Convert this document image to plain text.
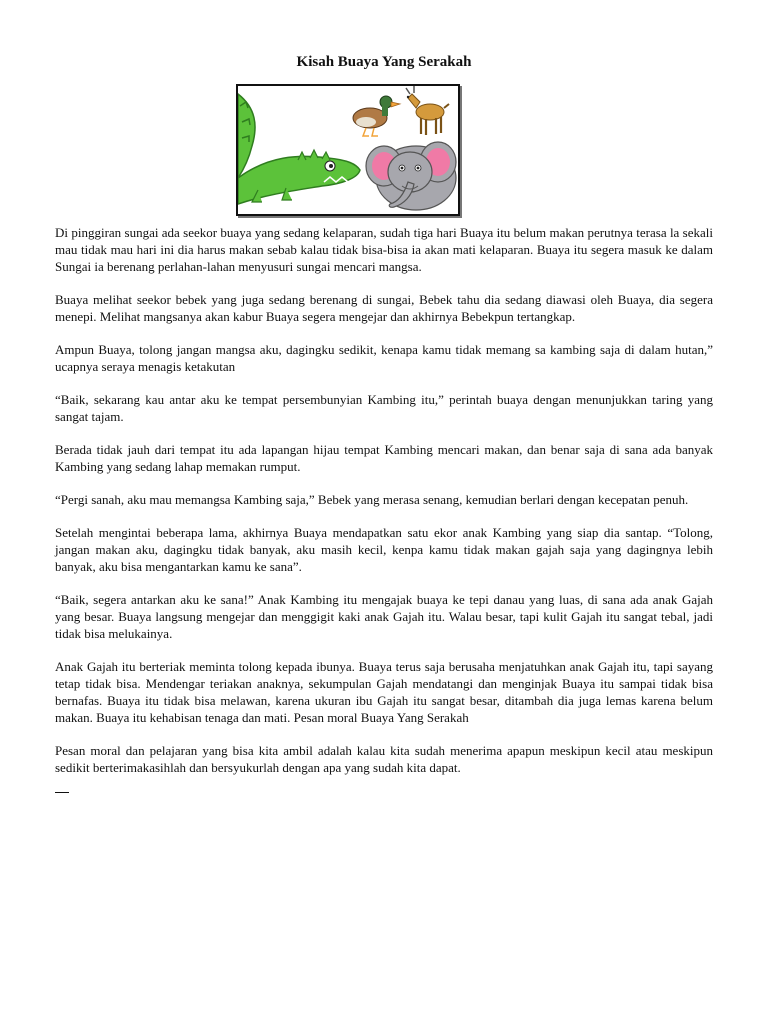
Kisah Buaya Yang Serakah

Di pinggiran sungai ada seekor buaya yang sedang kelaparan, sudah tiga hari Buaya itu belum makan perutnya terasa la sekali mau tidak mau hari ini dia harus makan sebab kalau tidak bisa-bisa ia akan mati kelaparan. Buaya itu segera masuk ke dalam Sungai ia berenang perlahan-lahan menyusuri sungai mencari mangsa.

Buaya melihat seekor bebek yang juga sedang berenang di sungai, Bebek tahu dia sedang diawasi oleh Buaya, dia segera menepi. Melihat mangsanya akan kabur Buaya segera mengejar dan akhirnya Bebekpun tertangkap.

Ampun Buaya, tolong jangan mangsa aku, dagingku sedikit, kenapa kamu tidak memang sa kambing saja di dalam hutan,” ucapnya seraya menagis ketakutan

“Baik, sekarang kau antar aku ke tempat persembunyian Kambing itu,” perintah buaya dengan menunjukkan taring yang sangat tajam.

Berada tidak jauh dari tempat itu ada lapangan hijau tempat Kambing mencari makan, dan benar saja di sana ada banyak Kambing yang sedang lahap memakan rumput.

“Pergi sanah, aku mau memangsa Kambing saja,” Bebek yang merasa senang, kemudian berlari dengan kecepatan penuh.

Setelah mengintai beberapa lama, akhirnya Buaya mendapatkan satu ekor anak Kambing yang siap dia santap. “Tolong, jangan makan aku, dagingku tidak banyak, aku masih kecil, kenpa kamu tidak makan gajah saja yang dagingnya lebih banyak, aku bisa mengantarkan kamu ke sana”.

“Baik, segera antarkan aku ke sana!” Anak Kambing itu mengajak buaya ke tepi danau yang luas, di sana ada anak Gajah yang besar. Buaya langsung mengejar dan menggigit kaki anak Gajah itu. Walau besar, tapi kulit Gajah itu sangat tebal, jadi tidak bisa melukainya.

Anak Gajah itu berteriak meminta tolong kepada ibunya. Buaya terus saja berusaha menjatuhkan anak Gajah itu, tapi sayang tetap tidak bisa. Mendengar teriakan anaknya, sekumpulan Gajah mendatangi dan menginjak Buaya itu sampai tidak bisa bernafas. Buaya itu tidak bisa melawan, karena ukuran ibu Gajah itu sangat besar, ditambah dia juga lemas karena belum makan. Buaya itu kehabisan tenaga dan mati. Pesan moral Buaya Yang Serakah

Pesan moral dan pelajaran yang bisa kita ambil adalah kalau kita sudah menerima apapun meskipun kecil atau meskipun sedikit berterimakasihlah dan bersyukurlah dengan apa yang sudah kita dapat.
